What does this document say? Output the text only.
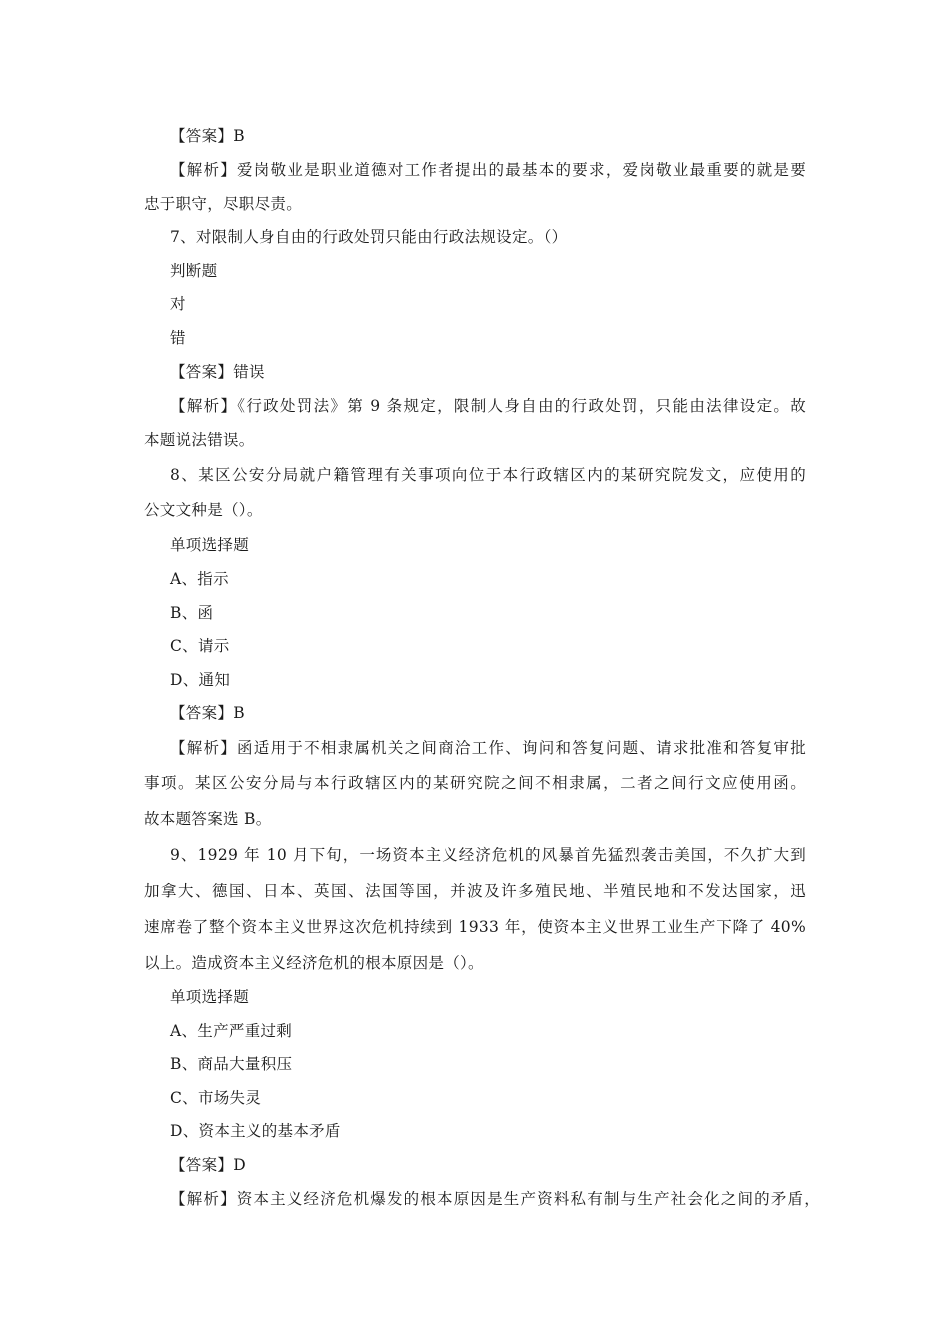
【答案】B
【解析】爱岗敬业是职业道德对工作者提出的最基本的要求，爱岗敬业最重要的就是要
忠于职守，尽职尽责。
7、对限制人身自由的行政处罚只能由行政法规设定。（）
判断题
对
错
【答案】错误
【解析】《行政处罚法》第 9 条规定，限制人身自由的行政处罚，只能由法律设定。故
本题说法错误。
8、某区公安分局就户籍管理有关事项向位于本行政辖区内的某研究院发文，应使用的
公文文种是（）。
单项选择题
A、指示
B、函
C、请示
D、通知
【答案】B
【解析】函适用于不相隶属机关之间商洽工作、询问和答复问题、请求批准和答复审批
事项。某区公安分局与本行政辖区内的某研究院之间不相隶属，二者之间行文应使用函。
故本题答案选 B。
9、1929 年 10 月下旬，一场资本主义经济危机的风暴首先猛烈袭击美国，不久扩大到
加拿大、德国、日本、英国、法国等国，并波及许多殖民地、半殖民地和不发达国家，迅
速席卷了整个资本主义世界这次危机持续到 1933 年，使资本主义世界工业生产下降了 40%
以上。造成资本主义经济危机的根本原因是（）。
单项选择题
A、生产严重过剩
B、商品大量积压
C、市场失灵
D、资本主义的基本矛盾
【答案】D
【解析】资本主义经济危机爆发的根本原因是生产资料私有制与生产社会化之间的矛盾，
